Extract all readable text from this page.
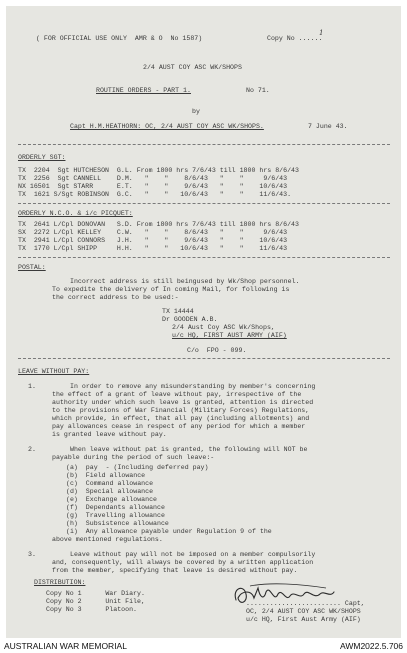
( FOR OFFICIAL USE ONLY  AMR & O  No 1587)	Copy No ......
1
2/4 AUST COY ASC WK/SHOPS
ROUTINE ORDERS - PART 1.	No 71.
by
Capt H.M.HEATHORN: OC, 2/4 AUST COY ASC WK/SHOPS.	7 June 43.
ORDERLY SGT:
TX  2204  Sgt HUTCHESON  G.L. From 1800 hrs 7/6/43 till 1800 hrs 8/6/43
TX  2256  Sgt CANNELL    D.M.   "    "    8/6/43   "    "     9/6/43
NX 16501  Sgt STARR      E.T.   "    "    9/6/43   "    "    10/6/43
TX  1621 S/Sgt ROBINSON  G.C.   "    "   10/6/43   "    "    11/6/43.
ORDERLY N.C.O. & i/c PICQUET:
TX  2641 L/Cpl DONOVAN   S.D. From 1800 hrs 7/6/43 till 1800 hrs 8/6/43
SX  2272 L/Cpl KELLEY    C.W.   "    "    8/6/43   "    "     9/6/43
TX  2941 L/Cpl CONNORS   J.H.   "    "    9/6/43   "    "    10/6/43
TX  1770 L/Cpl SHIPP     H.H.   "    "   10/6/43   "    "    11/6/43
POSTAL:
Incorrect address is still beingused by Wk/Shop personnel.
To expedite the delivery of In coming Mail, for following is
the correct address to be used:-
TX 14444
Dr GOODEN A.B.
2/4 Aust Coy ASC Wk/Shops,
u/c HQ, FIRST AUST ARMY (AIF)
C/o  FPO - 099.
LEAVE WITHOUT PAY:
1.	In order to remove any misunderstanding by member's concerning
the effect of a grant of leave without pay, irrespective of the
authority under which such leave is granted, attention is directed
to the provisions of War Financial (Military Forces) Regulations,
which provide, in effect, that all pay (including allotments) and
pay allowances cease in respect of any period for which a member
is granted leave without pay.
2.	When leave without pat is granted, the following will NOT be
payable during the period of such leave:-
(a)  pay  - (Including deferred pay)
(b)  Field allowance
(c)  Command allowance
(d)  Special allowance
(e)  Exchange allowance
(f)  Dependants allowance
(g)  Travelling allowance
(h)  Subsistence allowance
(i)  Any allowance payable under Regulation 9 of the
above mentioned regulations.
3.	Leave without pay will not be imposed on a member compulsorily
and, consequently, will always be covered by a written application
from the member, specifying that leave is desired without pay.
DISTRIBUTION:
Copy No 1      War Diary.
Copy No 2      Unit File,
Copy No 3      Platoon.
........................ Capt,
OC, 2/4 AUST COY ASC WK/SHOPS
u/c HQ, First Aust Army (AIF)
AUSTRALIAN WAR MEMORIAL	AWM2022.5.706
